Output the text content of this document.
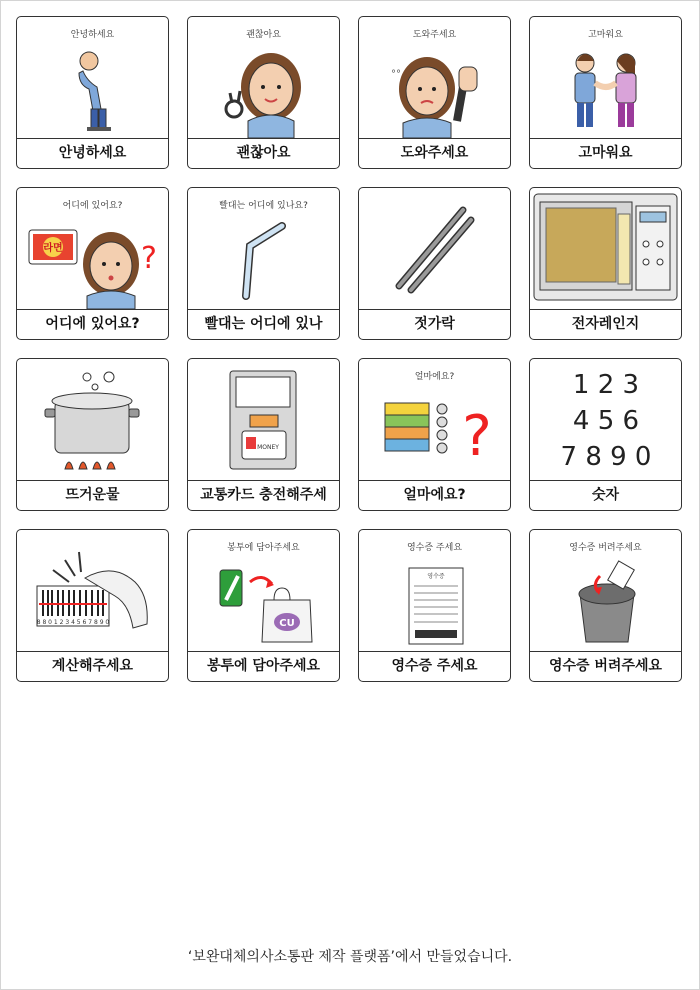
안녕하세요
안녕하세요
괜찮아요
괜찮아요
도와주세요
°°
도와주세요
고마워요
고마워요
어디에 있어요?
라면	?
어디에 있어요?
빨대는 어디에 있나요?
빨대는 어디에 있나	젓가락	전자레인지
뜨거운물
MONEY
교통카드 충전해주세
얼마에요?
?
얼마에요?
1 2 3
4 5 6
7 8 9 0
숫자
8 8 0 1 2 3 4 5 6 7 8 9 0
계산해주세요
봉투에 담아주세요
CU
봉투에 담아주세요
영수증 주세요
영수증
영수증 주세요
영수증 버려주세요
영수증 버려주세요
‘보완대체의사소통판 제작 플랫폼’에서 만들었습니다.
